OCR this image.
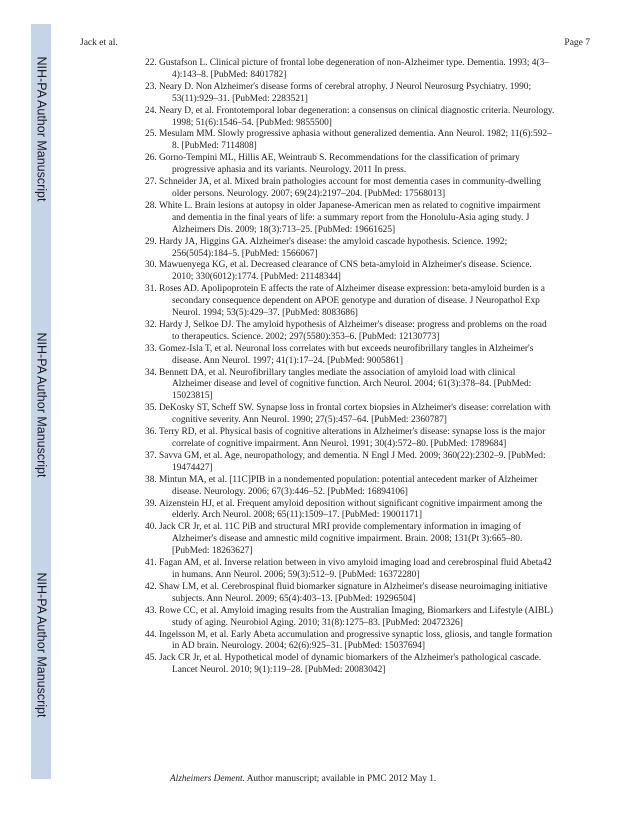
NIH-PA Author Manuscript
NIH-PA Author Manuscript
NIH-PA Author Manuscript
Jack et al.	Page 7
22. Gustafson L. Clinical picture of frontal lobe degeneration of non-Alzheimer type. Dementia. 1993; 4(3–4):143–8. [PubMed: 8401782]
23. Neary D. Non Alzheimer's disease forms of cerebral atrophy. J Neurol Neurosurg Psychiatry. 1990; 53(11):929–31. [PubMed: 2283521]
24. Neary D, et al. Frontotemporal lobar degeneration: a consensus on clinical diagnostic criteria. Neurology. 1998; 51(6):1546–54. [PubMed: 9855500]
25. Mesulam MM. Slowly progressive aphasia without generalized dementia. Ann Neurol. 1982; 11(6):592–8. [PubMed: 7114808]
26. Gorno-Tempini ML, Hillis AE, Weintraub S. Recommendations for the classification of primary progressive aphasia and its variants. Neurology. 2011 In press.
27. Schneider JA, et al. Mixed brain pathologies account for most dementia cases in community-dwelling older persons. Neurology. 2007; 69(24):2197–204. [PubMed: 17568013]
28. White L. Brain lesions at autopsy in older Japanese-American men as related to cognitive impairment and dementia in the final years of life: a summary report from the Honolulu-Asia aging study. J Alzheimers Dis. 2009; 18(3):713–25. [PubMed: 19661625]
29. Hardy JA, Higgins GA. Alzheimer's disease: the amyloid cascade hypothesis. Science. 1992; 256(5054):184–5. [PubMed: 1566067]
30. Mawuenyega KG, et al. Decreased clearance of CNS beta-amyloid in Alzheimer's disease. Science. 2010; 330(6012):1774. [PubMed: 21148344]
31. Roses AD. Apolipoprotein E affects the rate of Alzheimer disease expression: beta-amyloid burden is a secondary consequence dependent on APOE genotype and duration of disease. J Neuropathol Exp Neurol. 1994; 53(5):429–37. [PubMed: 8083686]
32. Hardy J, Selkoe DJ. The amyloid hypothesis of Alzheimer's disease: progress and problems on the road to therapeutics. Science. 2002; 297(5580):353–6. [PubMed: 12130773]
33. Gomez-Isla T, et al. Neuronal loss correlates with but exceeds neurofibrillary tangles in Alzheimer's disease. Ann Neurol. 1997; 41(1):17–24. [PubMed: 9005861]
34. Bennett DA, et al. Neurofibrillary tangles mediate the association of amyloid load with clinical Alzheimer disease and level of cognitive function. Arch Neurol. 2004; 61(3):378–84. [PubMed: 15023815]
35. DeKosky ST, Scheff SW. Synapse loss in frontal cortex biopsies in Alzheimer's disease: correlation with cognitive severity. Ann Neurol. 1990; 27(5):457–64. [PubMed: 2360787]
36. Terry RD, et al. Physical basis of cognitive alterations in Alzheimer's disease: synapse loss is the major correlate of cognitive impairment. Ann Neurol. 1991; 30(4):572–80. [PubMed: 1789684]
37. Savva GM, et al. Age, neuropathology, and dementia. N Engl J Med. 2009; 360(22):2302–9. [PubMed: 19474427]
38. Mintun MA, et al. [11C]PIB in a nondemented population: potential antecedent marker of Alzheimer disease. Neurology. 2006; 67(3):446–52. [PubMed: 16894106]
39. Aizenstein HJ, et al. Frequent amyloid deposition without significant cognitive impairment among the elderly. Arch Neurol. 2008; 65(11):1509–17. [PubMed: 19001171]
40. Jack CR Jr, et al. 11C PiB and structural MRI provide complementary information in imaging of Alzheimer's disease and amnestic mild cognitive impairment. Brain. 2008; 131(Pt 3):665–80. [PubMed: 18263627]
41. Fagan AM, et al. Inverse relation between in vivo amyloid imaging load and cerebrospinal fluid Abeta42 in humans. Ann Neurol. 2006; 59(3):512–9. [PubMed: 16372280]
42. Shaw LM, et al. Cerebrospinal fluid biomarker signature in Alzheimer's disease neuroimaging initiative subjects. Ann Neurol. 2009; 65(4):403–13. [PubMed: 19296504]
43. Rowe CC, et al. Amyloid imaging results from the Australian Imaging, Biomarkers and Lifestyle (AIBL) study of aging. Neurobiol Aging. 2010; 31(8):1275–83. [PubMed: 20472326]
44. Ingelsson M, et al. Early Abeta accumulation and progressive synaptic loss, gliosis, and tangle formation in AD brain. Neurology. 2004; 62(6):925–31. [PubMed: 15037694]
45. Jack CR Jr, et al. Hypothetical model of dynamic biomarkers of the Alzheimer's pathological cascade. Lancet Neurol. 2010; 9(1):119–28. [PubMed: 20083042]
Alzheimers Dement. Author manuscript; available in PMC 2012 May 1.
